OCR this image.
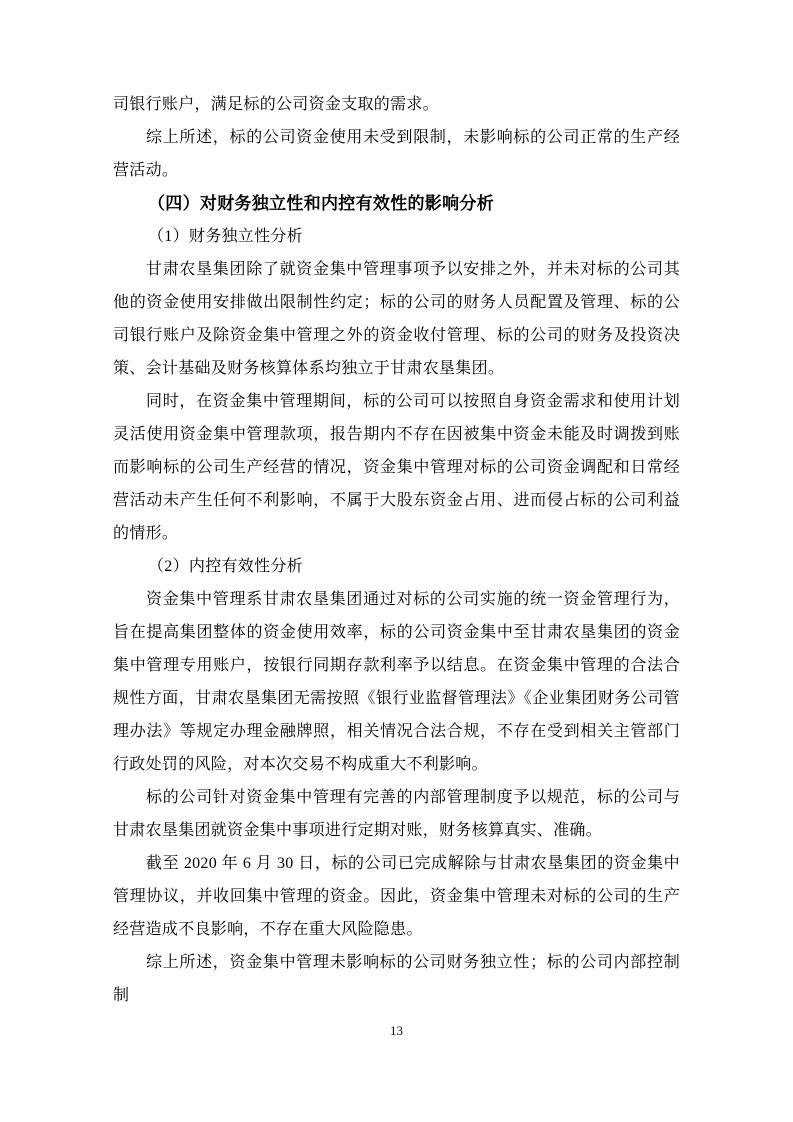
司银行账户，满足标的公司资金支取的需求。

综上所述，标的公司资金使用未受到限制，未影响标的公司正常的生产经营活动。

（四）对财务独立性和内控有效性的影响分析

（1）财务独立性分析

甘肃农垦集团除了就资金集中管理事项予以安排之外，并未对标的公司其他的资金使用安排做出限制性约定；标的公司的财务人员配置及管理、标的公司银行账户及除资金集中管理之外的资金收付管理、标的公司的财务及投资决策、会计基础及财务核算体系均独立于甘肃农垦集团。

同时，在资金集中管理期间，标的公司可以按照自身资金需求和使用计划灵活使用资金集中管理款项，报告期内不存在因被集中资金未能及时调拨到账而影响标的公司生产经营的情况，资金集中管理对标的公司资金调配和日常经营活动未产生任何不利影响，不属于大股东资金占用、进而侵占标的公司利益的情形。

（2）内控有效性分析

资金集中管理系甘肃农垦集团通过对标的公司实施的统一资金管理行为，旨在提高集团整体的资金使用效率，标的公司资金集中至甘肃农垦集团的资金集中管理专用账户，按银行同期存款利率予以结息。在资金集中管理的合法合规性方面，甘肃农垦集团无需按照《银行业监督管理法》《企业集团财务公司管理办法》等规定办理金融牌照，相关情况合法合规，不存在受到相关主管部门行政处罚的风险，对本次交易不构成重大不利影响。

标的公司针对资金集中管理有完善的内部管理制度予以规范，标的公司与甘肃农垦集团就资金集中事项进行定期对账，财务核算真实、准确。

截至 2020 年 6 月 30 日，标的公司已完成解除与甘肃农垦集团的资金集中管理协议，并收回集中管理的资金。因此，资金集中管理未对标的公司的生产经营造成不良影响，不存在重大风险隐患。

综上所述，资金集中管理未影响标的公司财务独立性；标的公司内部控制制

13
